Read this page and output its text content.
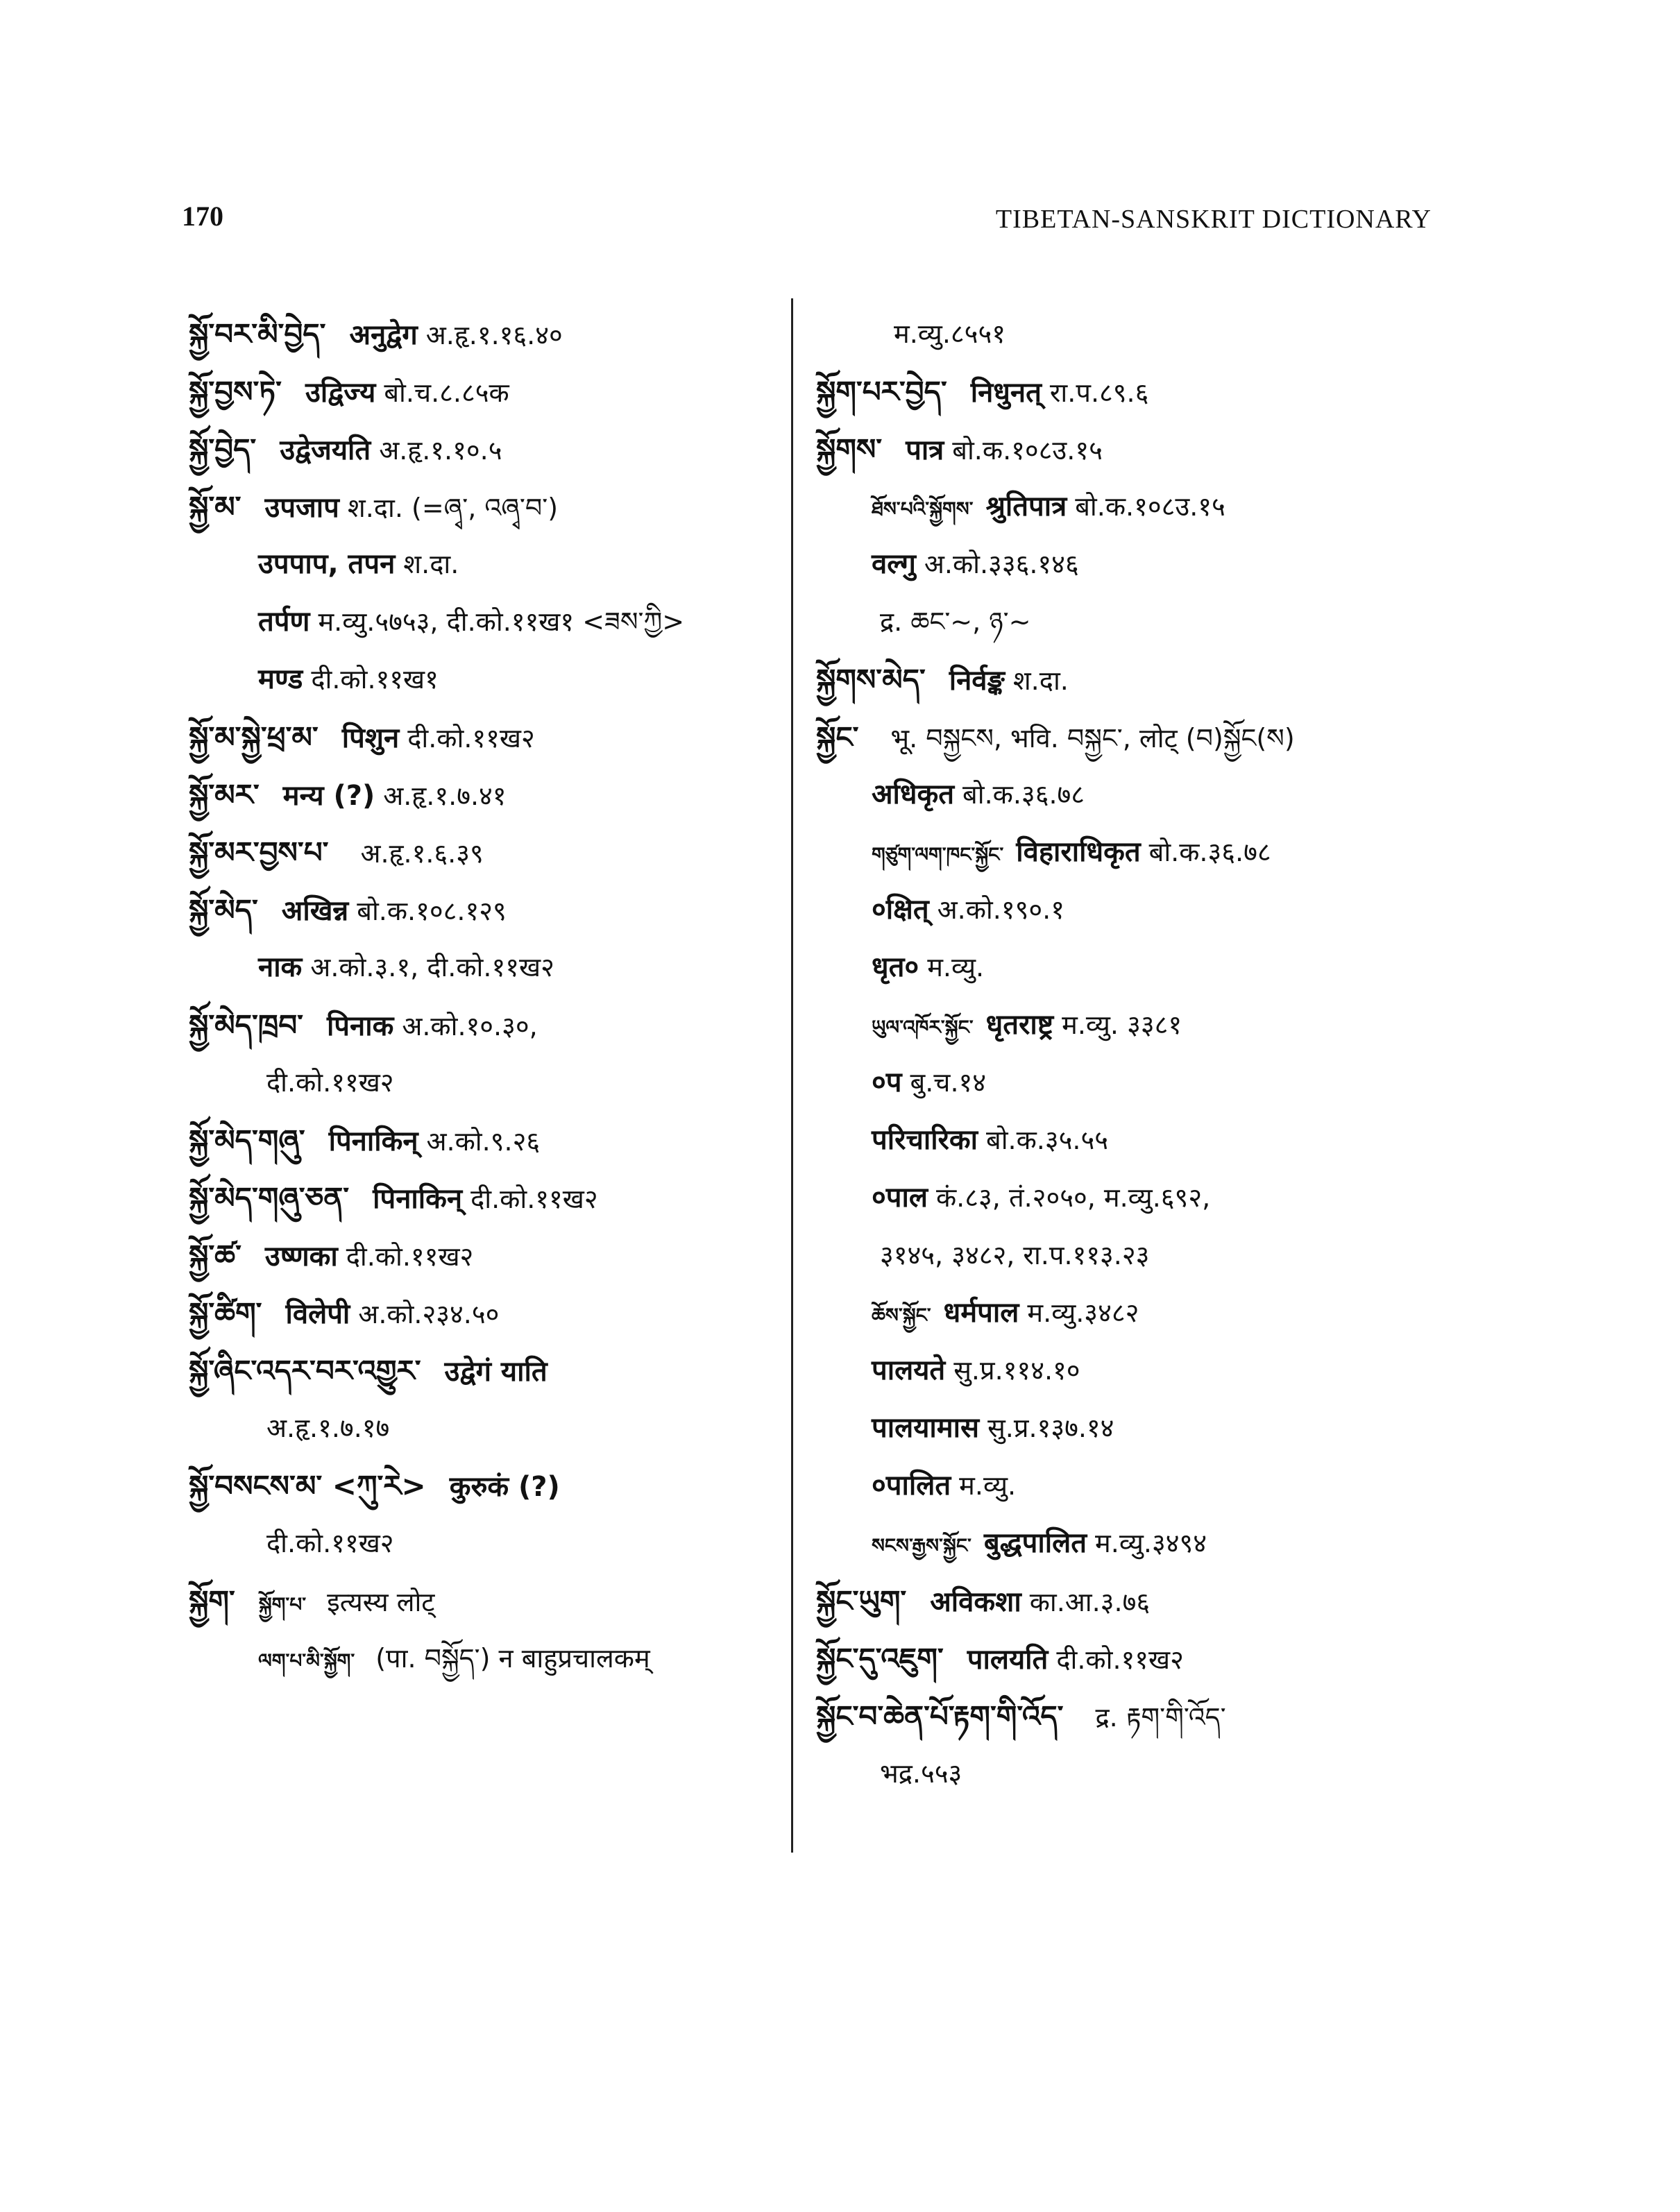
170	TIBETAN-SANSKRIT DICTIONARY
སྐྱོ་བར་མི་བྱེད་ अनुद्वेग अ.हृ.१.१६.४०
སྐྱོ་བྱས་ཏེ་ उद्विज्य बो.च.८.८५क
སྐྱོ་བྱེད་ उद्वेजयति अ.हृ.१.१०.५
སྐྱོ་མ་ उपजाप श.दा. (=ཞྭ་, འཞྭ་བ་)
उपपाप, तपन श.दा.
तर्पण म.व्यु.५७५३, दी.को.११ख१ <ཟས་ཀྱི>
मण्ड दी.को.११ख१
སྐྱོ་མ་སྐྱེ་ཕྲ་མ་ पिशुन दी.को.११ख२
སྐྱོ་མར་ मन्य (?) अ.हृ.१.७.४१
སྐྱོ་མར་བྱས་པ་ अ.हृ.१.६.३९
སྐྱོ་མེད་ अखिन्न बो.क.१०८.१२९
नाक अ.को.३.१, दी.को.११ख२
སྐྱོ་མེད་ཁྲབ་ पिनाक अ.को.१०.३०,
दी.को.११ख२
སྐྱོ་མེད་གཞུ་ पिनाकिन् अ.को.९.२६
སྐྱོ་མེད་གཞུ་ཅན་ पिनाकिन् दी.को.११ख२
སྐྱོ་ཚ་ उष्णका दी.को.११ख२
སྐྱོ་ཚིག་ विलेपी अ.को.२३४.५०
སྐྱོ་ཞིང་འདར་བར་འགྱུར་ उद्वेगं याति
अ.हृ.१.७.१७
སྐྱོ་བསངས་མ་ <ཀུ་རེ> कुरुकं (?)
दी.को.११ख२
སྐྱོག་ སྐྱོག་པ་ इत्यस्य लोट्
ལག་པ་མི་སྐྱོག་ (पा. བསྐྱོད་) न बाहुप्रचालकम्
म.व्यु.८५५१
སྐྱོག་པར་བྱེད་ निधुनत् रा.प.८९.६
སྐྱོགས་ पात्र बो.क.१०८उ.१५
ཐོས་པའི་སྐྱོགས་ श्रुतिपात्र बो.क.१०८उ.१५
वल्गु अ.को.३३६.१४६
द्र. ཆང་~, ཉ་~
སྐྱོགས་མེད་ निर्वङ्क श.दा.
སྐྱོང་ भू. བསྐྱངས, भवि. བསྐྱང་, लोट् (བ)སྐྱོང(ས)
अधिकृत बो.क.३६.७८
གཙུག་ལག་ཁང་སྐྱོང་ विहाराधिकृत बो.क.३६.७८
०क्षित् अ.को.१९०.१
धृत० म.व्यु.
ཡུལ་འཁོར་སྐྱོང་ धृतराष्ट्र म.व्यु. ३३८१
०प बु.च.१४
परिचारिका बो.क.३५.५५
०पाल कं.८३, तं.२०५०, म.व्यु.६९२,
३१४५, ३४८२, रा.प.११३.२३
ཆོས་སྐྱོང་ धर्मपाल म.व्यु.३४८२
पालयते सु.प्र.११४.१०
पालयामास सु.प्र.१३७.१४
०पालित म.व्यु.
སངས་རྒྱས་སྐྱོང་ बुद्धपालित म.व्यु.३४९४
སྐྱོང་ཡུག་ अविकशा का.आ.३.७६
སྐྱོང་དུ་འཇུག་ पालयति दी.को.११ख२
སྐྱོང་བ་ཆེན་པོ་རྟག་གི་འོད་ द्र. རྟག་གི་འོད་
भद्र.५५३
